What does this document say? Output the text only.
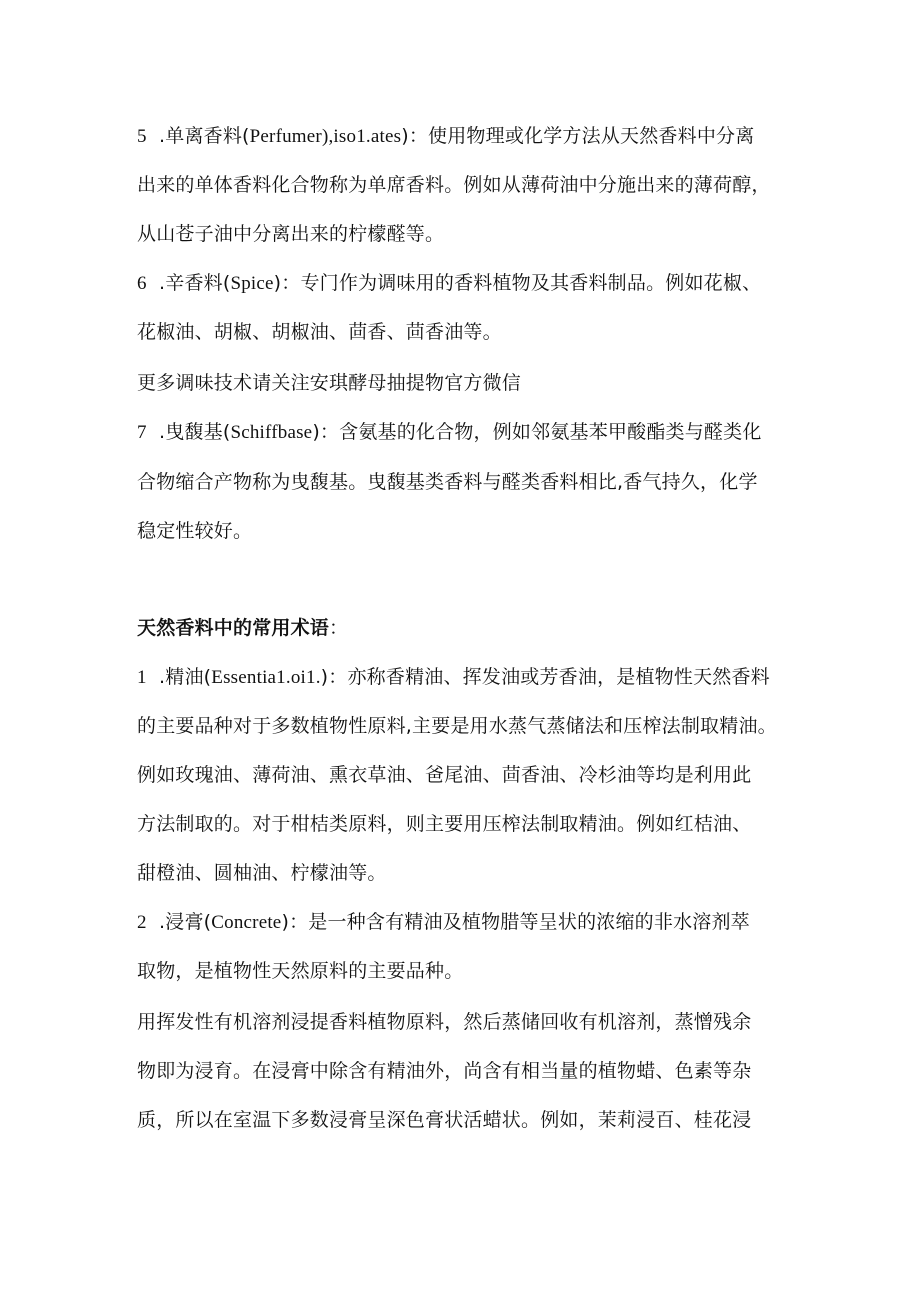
5 .单离香料(Perfumer),iso1.ates)：使用物理或化学方法从天然香料中分离
出来的单体香料化合物称为单席香料。例如从薄荷油中分施出来的薄荷醇，
从山苍子油中分离出来的柠檬醛等。
6 .辛香料(Spice)：专门作为调味用的香料植物及其香料制品。例如花椒、
花椒油、胡椒、胡椒油、茴香、茴香油等。
更多调味技术请关注安琪酵母抽提物官方微信
7 .曳馥基(Schiffbase)：含氨基的化合物，例如邻氨基苯甲酸酯类与醛类化
合物缩合产物称为曳馥基。曳馥基类香料与醛类香料相比,香气持久，化学
稳定性较好。
天然香料中的常用术语：
1 .精油(Essentia1.oi1.)：亦称香精油、挥发油或芳香油，是植物性天然香料
的主要品种对于多数植物性原料,主要是用水蒸气蒸储法和压榨法制取精油。
例如玫瑰油、薄荷油、熏衣草油、爸尾油、茴香油、冷杉油等均是利用此
方法制取的。对于柑桔类原料，则主要用压榨法制取精油。例如红桔油、
甜橙油、圆柚油、柠檬油等。
2 .浸膏(Concrete)：是一种含有精油及植物腊等呈状的浓缩的非水溶剂萃
取物，是植物性天然原料的主要品种。
用挥发性有机溶剂浸提香料植物原料，然后蒸储回收有机溶剂，蒸憎残余
物即为浸育。在浸膏中除含有精油外，尚含有相当量的植物蜡、色素等杂
质，所以在室温下多数浸膏呈深色膏状活蜡状。例如，茉莉浸百、桂花浸
